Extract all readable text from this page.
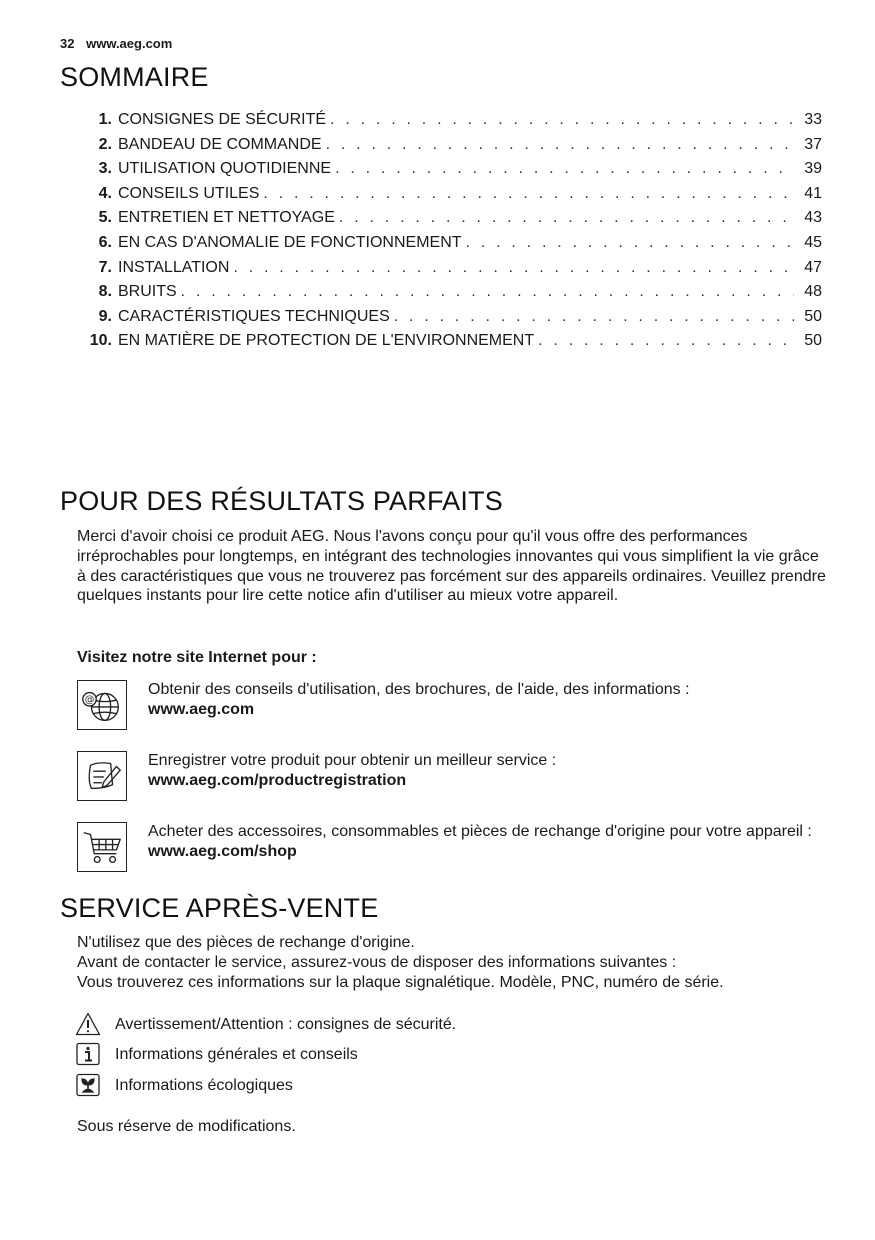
32 www.aeg.com
SOMMAIRE
1. CONSIGNES DE SÉCURITÉ . . .	33
2. BANDEAU DE COMMANDE . . .	37
3. UTILISATION QUOTIDIENNE . . .	39
4. CONSEILS UTILES . . .	41
5. ENTRETIEN ET NETTOYAGE . . .	43
6. EN CAS D'ANOMALIE DE FONCTIONNEMENT . . .	45
7. INSTALLATION . . .	47
8. BRUITS . . .	48
9. CARACTÉRISTIQUES TECHNIQUES . . .	50
10. EN MATIÈRE DE PROTECTION DE L'ENVIRONNEMENT . . .	50
POUR DES RÉSULTATS PARFAITS

Merci d'avoir choisi ce produit AEG. Nous l'avons conçu pour qu'il vous offre des performances irréprochables pour longtemps, en intégrant des technologies innovantes qui vous simplifient la vie grâce à des caractéristiques que vous ne trouverez pas forcément sur des appareils ordinaires. Veuillez prendre quelques instants pour lire cette notice afin d'utiliser au mieux votre appareil.

Visitez notre site Internet pour :

@
Obtenir des conseils d'utilisation, des brochures, de l'aide, des informations :
www.aeg.com
Enregistrer votre produit pour obtenir un meilleur service :
www.aeg.com/productregistration
Acheter des accessoires, consommables et pièces de rechange d'origine pour votre appareil :
www.aeg.com/shop
SERVICE APRÈS-VENTE
N'utilisez que des pièces de rechange d'origine.
Avant de contacter le service, assurez-vous de disposer des informations suivantes :
Vous trouverez ces informations sur la plaque signalétique. Modèle, PNC, numéro de série.
Avertissement/Attention : consignes de sécurité.
Informations générales et conseils
Informations écologiques

Sous réserve de modifications.
